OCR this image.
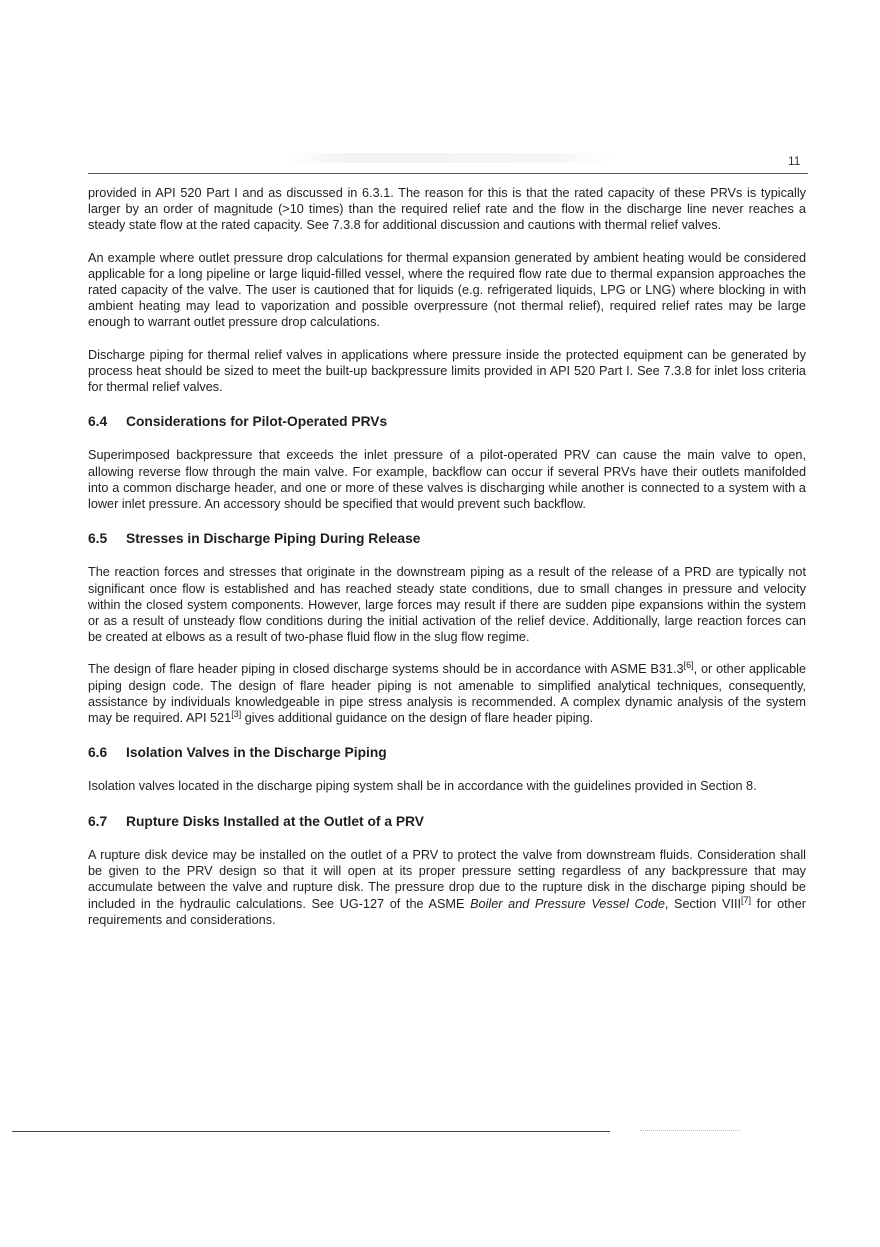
11

provided in API 520 Part I and as discussed in 6.3.1. The reason for this is that the rated capacity of these PRVs is typically larger by an order of magnitude (>10 times) than the required relief rate and the flow in the discharge line never reaches a steady state flow at the rated capacity. See 7.3.8 for additional discussion and cautions with thermal relief valves.

An example where outlet pressure drop calculations for thermal expansion generated by ambient heating would be considered applicable for a long pipeline or large liquid-filled vessel, where the required flow rate due to thermal expansion approaches the rated capacity of the valve. The user is cautioned that for liquids (e.g. refrigerated liquids, LPG or LNG) where blocking in with ambient heating may lead to vaporization and possible overpressure (not thermal relief), required relief rates may be large enough to warrant outlet pressure drop calculations.

Discharge piping for thermal relief valves in applications where pressure inside the protected equipment can be generated by process heat should be sized to meet the built-up backpressure limits provided in API 520 Part I. See 7.3.8 for inlet loss criteria for thermal relief valves.

6.4 Considerations for Pilot-Operated PRVs

Superimposed backpressure that exceeds the inlet pressure of a pilot-operated PRV can cause the main valve to open, allowing reverse flow through the main valve. For example, backflow can occur if several PRVs have their outlets manifolded into a common discharge header, and one or more of these valves is discharging while another is connected to a system with a lower inlet pressure. An accessory should be specified that would prevent such backflow.

6.5 Stresses in Discharge Piping During Release

The reaction forces and stresses that originate in the downstream piping as a result of the release of a PRD are typically not significant once flow is established and has reached steady state conditions, due to small changes in pressure and velocity within the closed system components. However, large forces may result if there are sudden pipe expansions within the system or as a result of unsteady flow conditions during the initial activation of the relief device. Additionally, large reaction forces can be created at elbows as a result of two-phase fluid flow in the slug flow regime.

The design of flare header piping in closed discharge systems should be in accordance with ASME B31.3[6], or other applicable piping design code. The design of flare header piping is not amenable to simplified analytical techniques, consequently, assistance by individuals knowledgeable in pipe stress analysis is recommended. A complex dynamic analysis of the system may be required. API 521[3] gives additional guidance on the design of flare header piping.

6.6 Isolation Valves in the Discharge Piping

Isolation valves located in the discharge piping system shall be in accordance with the guidelines provided in Section 8.

6.7 Rupture Disks Installed at the Outlet of a PRV

A rupture disk device may be installed on the outlet of a PRV to protect the valve from downstream fluids. Consideration shall be given to the PRV design so that it will open at its proper pressure setting regardless of any backpressure that may accumulate between the valve and rupture disk. The pressure drop due to the rupture disk in the discharge piping should be included in the hydraulic calculations. See UG-127 of the ASME Boiler and Pressure Vessel Code, Section VIII[7] for other requirements and considerations.
